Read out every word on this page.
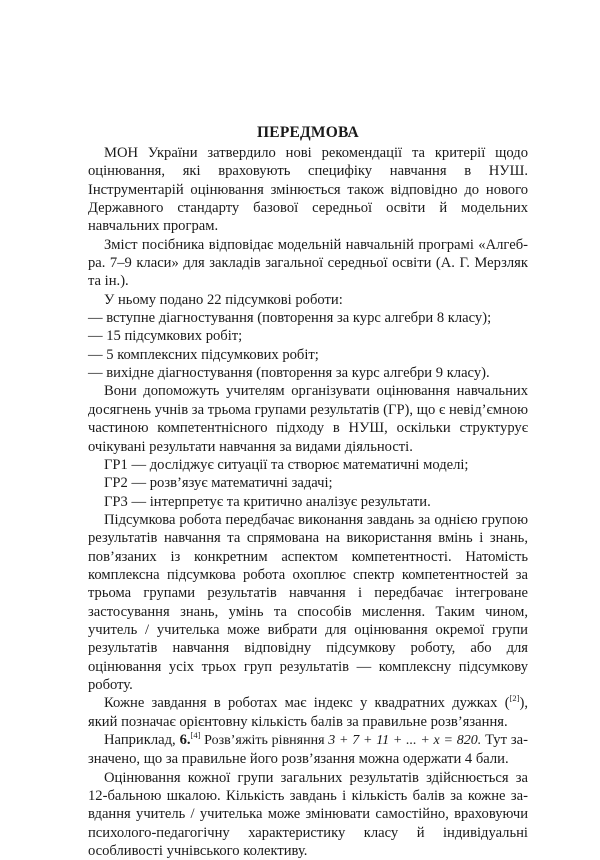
ПЕРЕДМОВА

МОН України затвердило нові рекомендації та критерії щодо оцінювання, які враховують специфіку навчання в НУШ. Інструментарій оцінювання змінюється також відповідно до нового Державного стандарту базової середньої освіти й модельних навчальних програм.

Зміст посібника відповідає модельній навчальній програмі «Алгебра. 7–9 класи» для закладів загальної середньої освіти (А. Г. Мерзляк та ін.).

У ньому подано 22 підсумкові роботи:

— вступне діагностування (повторення за курс алгебри 8 класу);

— 15 підсумкових робіт;

— 5 комплексних підсумкових робіт;

— вихідне діагностування (повторення за курс алгебри 9 класу).

Вони допоможуть учителям організувати оцінювання навчальних досягнень учнів за трьома групами результатів (ГР), що є невід’ємною частиною компетентнісного підходу в НУШ, оскільки структурує очікувані результати навчання за видами діяльності.

ГР1 — досліджує ситуації та створює математичні моделі;

ГР2 — розв’язує математичні задачі;

ГР3 — інтерпретує та критично аналізує результати.

Підсумкова робота передбачає виконання завдань за однією групою результатів навчання та спрямована на використання вмінь і знань, пов’язаних із конкретним аспектом компетентності. Натомість комплексна підсумкова робота охоплює спектр компетентностей за трьома групами результатів навчання і передбачає інтегроване застосування знань, умінь та способів мислення. Таким чином, учитель / учителька може вибрати для оцінювання окремої групи результатів навчання відповідну підсумкову роботу, або для оцінювання усіх трьох груп результатів — комплексну підсумкову роботу.

Кожне завдання в роботах має індекс у квадратних дужках ([2]), який позначає орієнтовну кількість балів за правильне розв’язання.

Наприклад, 6.[4] Розв’яжіть рівняння 3 + 7 + 11 + ... + x = 820. Тут зазначено, що за правильне його розв’язання можна одержати 4 бали.

Оцінювання кожної групи загальних результатів здійснюється за 12-бальною шкалою. Кількість завдань і кількість балів за кожне завдання учитель / учителька може змінювати самостійно, враховуючи психолого-педагогічну характеристику класу й індивідуальні особливості учнівського колективу.
